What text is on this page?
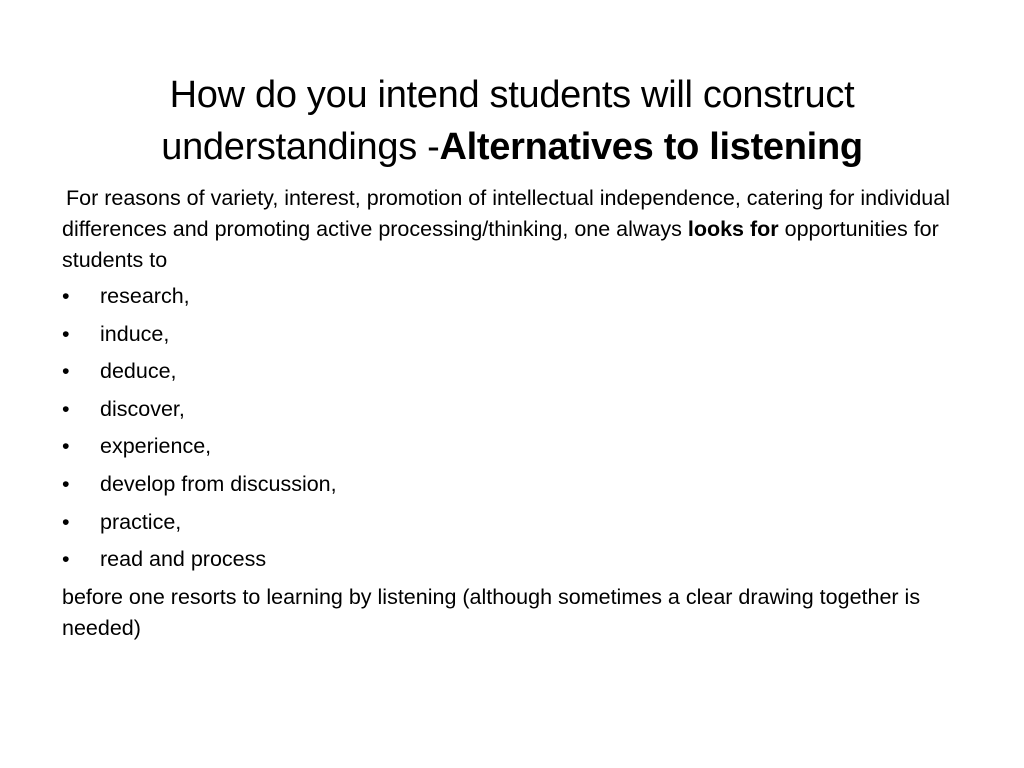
How do you intend students will construct understandings -Alternatives to listening

For reasons of variety, interest, promotion of intellectual independence, catering for individual differences and promoting active processing/thinking, one always looks for opportunities for students to

• research,
• induce,
• deduce,
• discover,
• experience,
• develop from discussion,
• practice,
• read and process

before one resorts to learning by listening (although sometimes a clear drawing together is needed)
